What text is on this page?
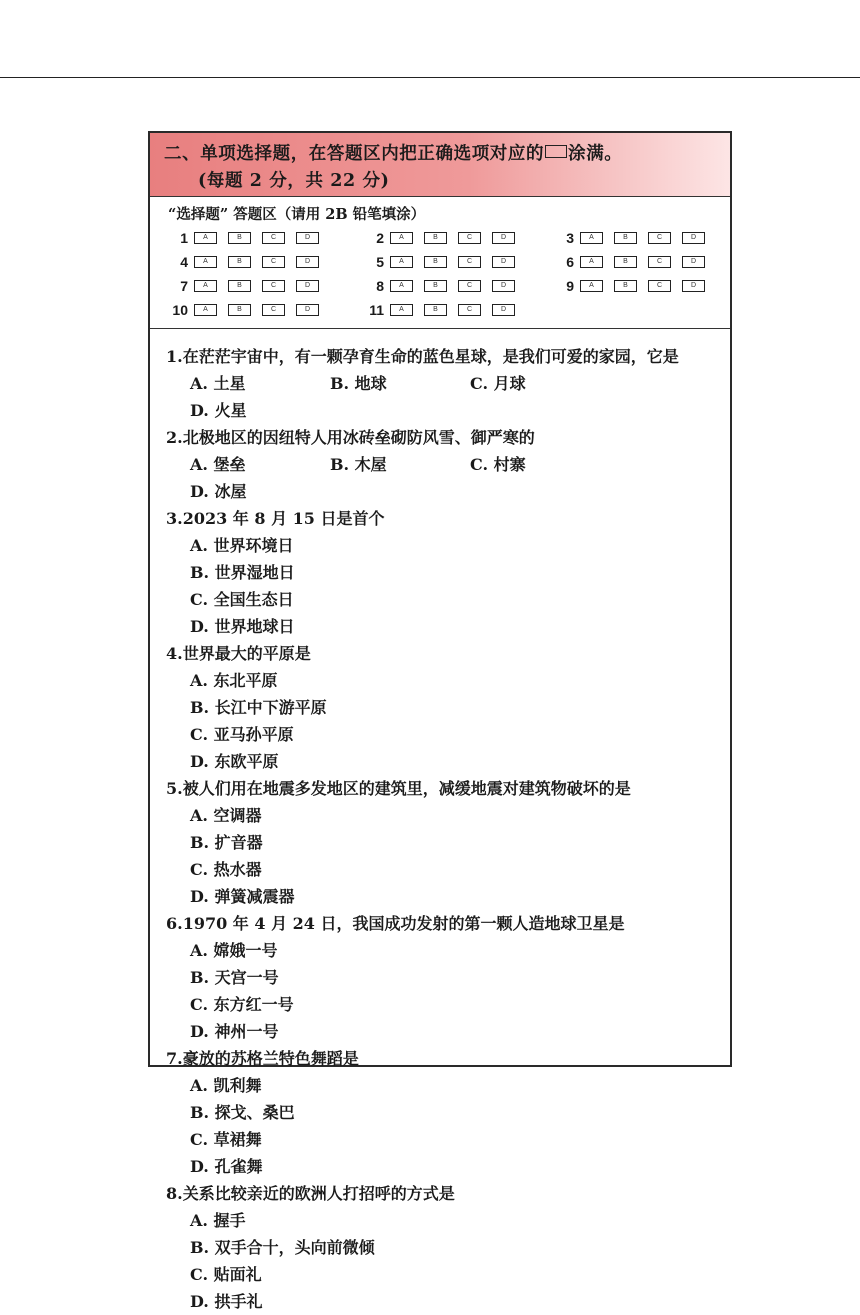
二、单项选择题，在答题区内把正确选项对应的 涂满。
(每题 2 分，共 22 分)
“选择题” 答题区（请用 2B 铅笔填涂）
1	A	B	C	D	2	A	B	C	D	3	A	B	C	D
4	A	B	C	D	5	A	B	C	D	6	A	B	C	D
7	A	B	C	D	8	A	B	C	D	9	A	B	C	D
10	A	B	C	D	11	A	B	C	D
1. 在茫茫宇宙中，有一颗孕育生命的蓝色星球，是我们可爱的家园，它是
A. 土星	B. 地球	C. 月球
D. 火星
2. 北极地区的因纽特人用冰砖垒砌防风雪、御严寒的
A. 堡垒	B. 木屋	C. 村寨
D. 冰屋
3. 2023 年 8 月 15 日是首个
A. 世界环境日
B. 世界湿地日
C. 全国生态日
D. 世界地球日
4. 世界最大的平原是
A. 东北平原
B. 长江中下游平原
C. 亚马孙平原
D. 东欧平原
5. 被人们用在地震多发地区的建筑里，减缓地震对建筑物破坏的是
A. 空调器
B. 扩音器
C. 热水器
D. 弹簧减震器
6. 1970 年 4 月 24 日，我国成功发射的第一颗人造地球卫星是
A. 嫦娥一号
B. 天宫一号
C. 东方红一号
D. 神州一号
7. 豪放的苏格兰特色舞蹈是
A. 凯利舞
B. 探戈、桑巴
C. 草裙舞
D. 孔雀舞
8. 关系比较亲近的欧洲人打招呼的方式是
A. 握手
B. 双手合十，头向前微倾
C. 贴面礼
D. 拱手礼
